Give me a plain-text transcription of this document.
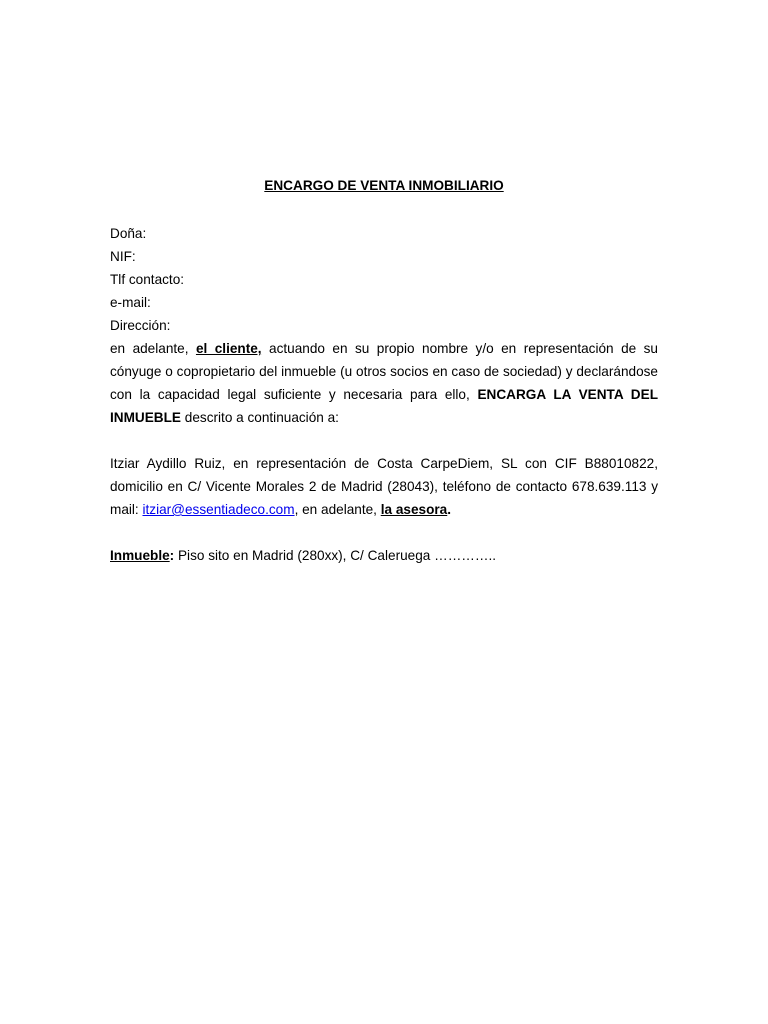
ENCARGO DE VENTA INMOBILIARIO
Doña:
NIF:
Tlf contacto:
e-mail:
Dirección:

en adelante, el cliente, actuando en su propio nombre y/o en representación de su cónyuge o copropietario del inmueble (u otros socios en caso de sociedad) y declarándose con la capacidad legal suficiente y necesaria para ello, ENCARGA LA VENTA DEL INMUEBLE descrito a continuación a:

Itziar Aydillo Ruiz, en representación de Costa CarpeDiem, SL con CIF B88010822, domicilio en C/ Vicente Morales 2 de Madrid (28043), teléfono de contacto 678.639.113 y mail: itziar@essentiadeco.com, en adelante, la asesora.

Inmueble: Piso sito en Madrid (280xx), C/ Caleruega …………..
